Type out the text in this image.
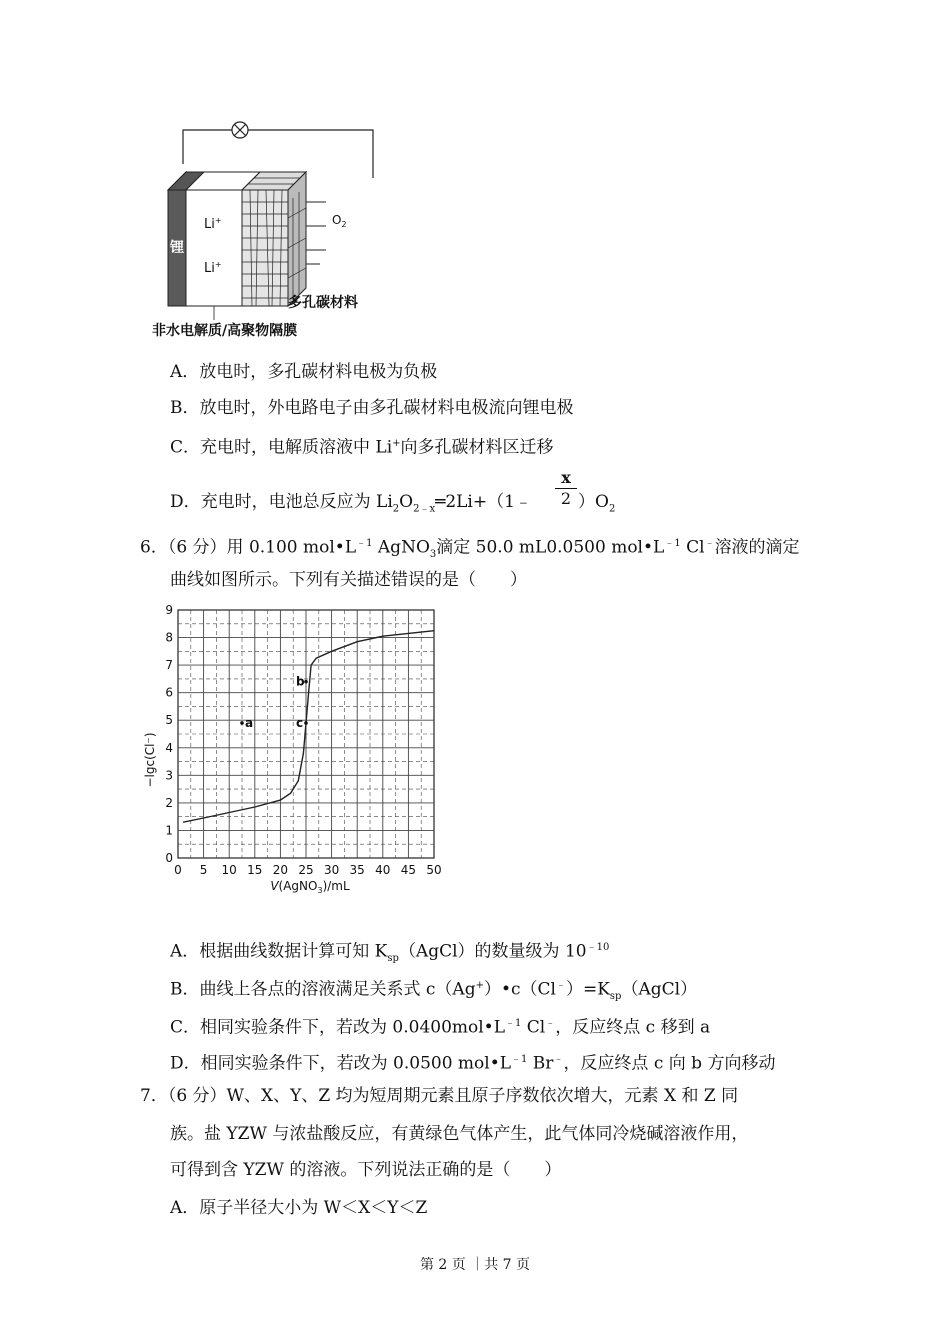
锂
Li+
Li+
$O_2$
多孔碳材料
非水电解质/高聚物隔膜
A．放电时，多孔碳材料电极为负极
B．放电时，外电路电子由多孔碳材料电极流向锂电极
C．充电时，电解质溶液中 Li+向多孔碳材料区迁移
D．充电时，电池总反应为 $Li_2O_{2﹣x}═2Li+(1﹣$
x
2 ）$O_2$
6．（6 分）用 0.100 $mol•L^{﹣1}$ AgNO$_3$滴定 50.0 mL0.0500 $mol•L^{﹣1}$ Cl﹣溶液的滴定
曲线如图所示。下列有关描述错误的是（　　）
0 5 10 15 20 25 30 35 40 45 50
0
1
2
3
4
5
6
7
8
9
a
b
c
−lgc(Cl⁻)
V(AgNO$_3$)/mL
A．根据曲线数据计算可知 $K_{sp}(AgCl)$的数量级为 $10^{﹣10}$
B．曲线上各点的溶液满足关系式 $c(Ag^+)•c(Cl^﹣)=K_{sp}(AgCl)$
C．相同实验条件下，若改为 $0.0400mol•L^{﹣1}$ Cl﹣，反应终点 c 移到 a
D．相同实验条件下，若改为 0.0500 $mol•L^{﹣1}$ Br﹣，反应终点 c 向 b 方向移动
7．（6 分）W、X、Y、Z 均为短周期元素且原子序数依次增大，元素 X 和 Z 同
族。盐 YZW 与浓盐酸反应，有黄绿色气体产生，此气体同冷烧碱溶液作用，
可得到含 YZW 的溶液。下列说法正确的是（　　）
A．原子半径大小为 W＜X＜Y＜Z
第 2 页 ｜共 7 页
